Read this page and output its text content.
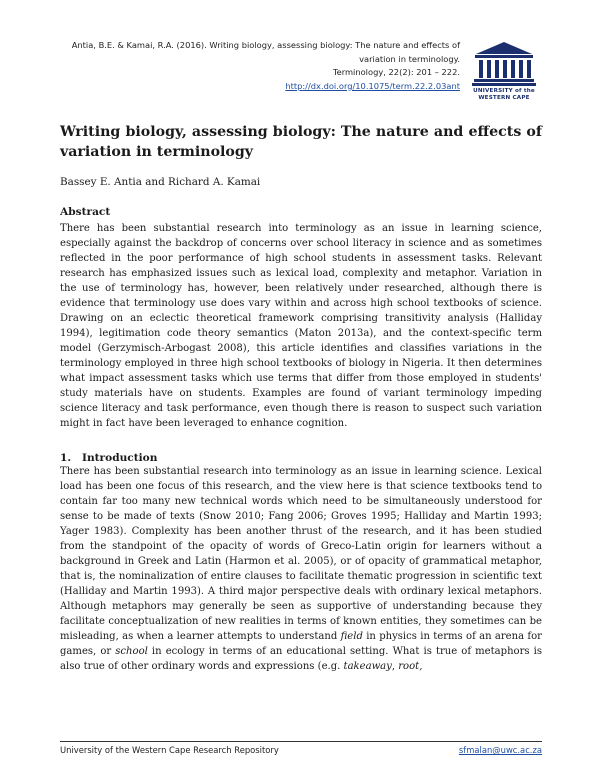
Antia, B.E. & Kamai, R.A. (2016). Writing biology, assessing biology: The nature and effects of
variation in terminology.
Terminology, 22(2): 201 – 222.
http://dx.doi.org/10.1075/term.22.2.03ant
UNIVERSITY of the
WESTERN CAPE
Writing biology, assessing biology: The nature and effects of variation in terminology
Bassey E. Antia and Richard A. Kamai
Abstract

There has been substantial research into terminology as an issue in learning science, especially against the backdrop of concerns over school literacy in science and as sometimes reflected in the poor performance of high school students in assessment tasks. Relevant research has emphasized issues such as lexical load, complexity and metaphor. Variation in the use of terminology has, however, been relatively under researched, although there is evidence that terminology use does vary within and across high school textbooks of science. Drawing on an eclectic theoretical framework comprising transitivity analysis (Halliday 1994), legitimation code theory semantics (Maton 2013a), and the context-specific term model (Gerzymisch-Arbogast 2008), this article identifies and classifies variations in the terminology employed in three high school textbooks of biology in Nigeria. It then determines what impact assessment tasks which use terms that differ from those employed in students' study materials have on students. Examples are found of variant terminology impeding science literacy and task performance, even though there is reason to suspect such variation might in fact have been leveraged to enhance cognition.

1. Introduction

There has been substantial research into terminology as an issue in learning science. Lexical load has been one focus of this research, and the view here is that science textbooks tend to contain far too many new technical words which need to be simultaneously understood for sense to be made of texts (Snow 2010; Fang 2006; Groves 1995; Halliday and Martin 1993; Yager 1983). Complexity has been another thrust of the research, and it has been studied from the standpoint of the opacity of words of Greco-Latin origin for learners without a background in Greek and Latin (Harmon et al. 2005), or of opacity of grammatical metaphor, that is, the nominalization of entire clauses to facilitate thematic progression in scientific text (Halliday and Martin 1993). A third major perspective deals with ordinary lexical metaphors. Although metaphors may generally be seen as supportive of understanding because they facilitate conceptualization of new realities in terms of known entities, they sometimes can be misleading, as when a learner attempts to understand field in physics in terms of an arena for games, or school in ecology in terms of an educational setting. What is true of metaphors is also true of other ordinary words and expressions (e.g. takeaway, root,

University of the Western Cape Research Repository	sfmalan@uwc.ac.za
